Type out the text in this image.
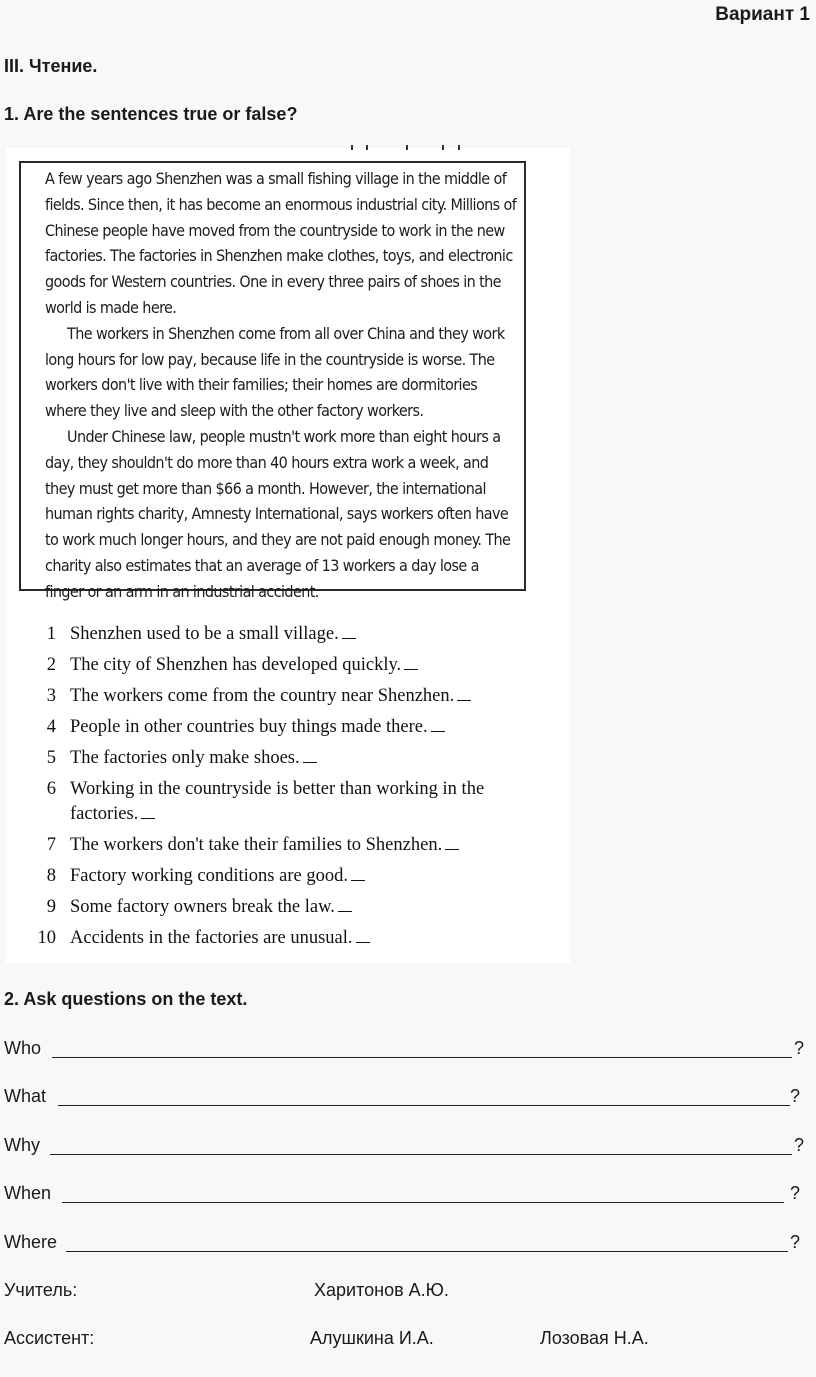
Вариант 1
III. Чтение.
1. Are the sentences true or false?

A few years ago Shenzhen was a small fishing village in the middle of fields. Since then, it has become an enormous industrial city. Millions of Chinese people have moved from the countryside to work in the new factories. The factories in Shenzhen make clothes, toys, and electronic goods for Western countries. One in every three pairs of shoes in the world is made here.

The workers in Shenzhen come from all over China and they work long hours for low pay, because life in the countryside is worse. The workers don't live with their families; their homes are dormitories where they live and sleep with the other factory workers.

Under Chinese law, people mustn't work more than eight hours a day, they shouldn't do more than 40 hours extra work a week, and they must get more than $66 a month. However, the international human rights charity, Amnesty International, says workers often have to work much longer hours, and they are not paid enough money. The charity also estimates that an average of 13 workers a day lose a finger or an arm in an industrial accident.

1 Shenzhen used to be a small village.
2 The city of Shenzhen has developed quickly.
3 The workers come from the country near Shenzhen.
4 People in other countries buy things made there.
5 The factories only make shoes.
6 Working in the countryside is better than working in the factories.
7 The workers don't take their families to Shenzhen.
8 Factory working conditions are good.
9 Some factory owners break the law.
10 Accidents in the factories are unusual.
2. Ask questions on the text.
Who	?
What	?
Why	?
When	?
Where	?
Учитель:	Харитонов А.Ю.
Ассистент:	Алушкина И.А.	Лозовая Н.А.
